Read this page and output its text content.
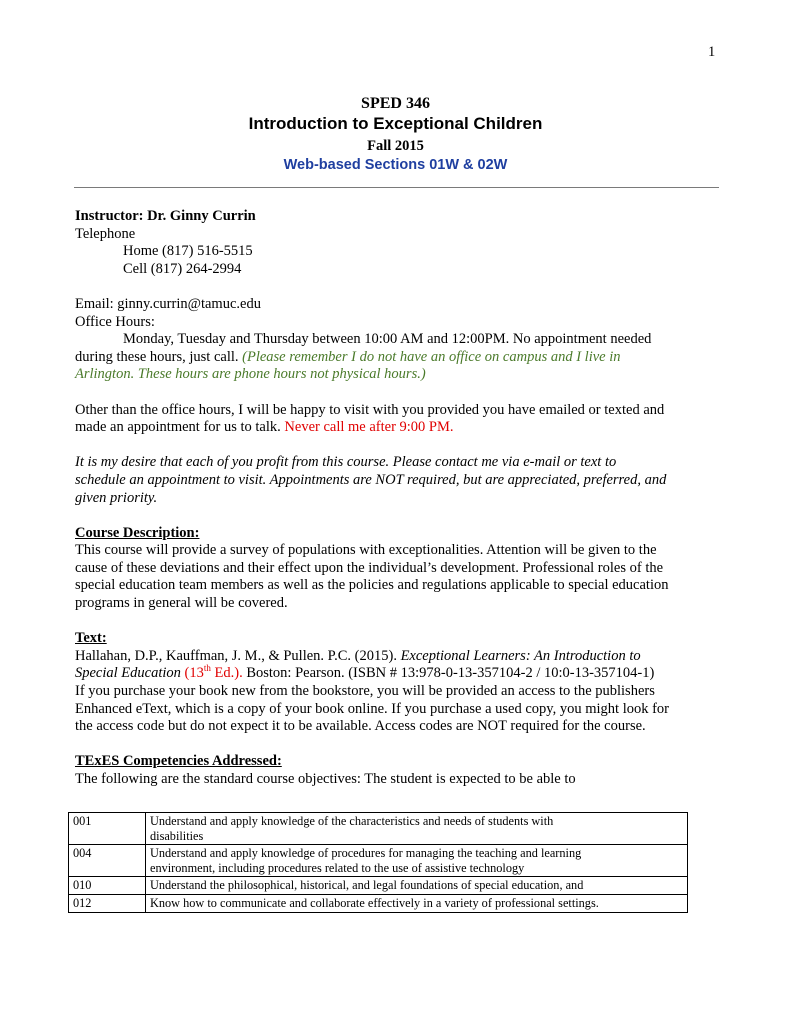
1
SPED 346
Introduction to Exceptional Children
Fall 2015
Web-based Sections 01W & 02W
Instructor: Dr. Ginny Currin
Telephone
Home (817) 516-5515
Cell (817) 264-2994
Email: ginny.currin@tamuc.edu
Office Hours:
Monday, Tuesday and Thursday between 10:00 AM and 12:00PM. No appointment needed
during these hours, just call. (Please remember I do not have an office on campus and I live in
Arlington. These hours are phone hours not physical hours.)
Other than the office hours, I will be happy to visit with you provided you have emailed or texted and
made an appointment for us to talk. Never call me after 9:00 PM.
It is my desire that each of you profit from this course. Please contact me via e-mail or text to
schedule an appointment to visit. Appointments are NOT required, but are appreciated, preferred, and
given priority.
Course Description:
This course will provide a survey of populations with exceptionalities. Attention will be given to the
cause of these deviations and their effect upon the individual’s development. Professional roles of the
special education team members as well as the policies and regulations applicable to special education
programs in general will be covered.
Text:
Hallahan, D.P., Kauffman, J. M., & Pullen. P.C. (2015). Exceptional Learners: An Introduction to
Special Education (13th Ed.). Boston: Pearson. (ISBN # 13:978-0-13-357104-2 / 10:0-13-357104-1)
If you purchase your book new from the bookstore, you will be provided an access to the publishers
Enhanced eText, which is a copy of your book online. If you purchase a used copy, you might look for
the access code but do not expect it to be available. Access codes are NOT required for the course.
TExES Competencies Addressed:
The following are the standard course objectives: The student is expected to be able to
001	Understand and apply knowledge of the characteristics and needs of students with
disabilities

004	Understand and apply knowledge of procedures for managing the teaching and learning
environment, including procedures related to the use of assistive technology

010	Understand the philosophical, historical, and legal foundations of special education, and

012	Know how to communicate and collaborate effectively in a variety of professional settings.
